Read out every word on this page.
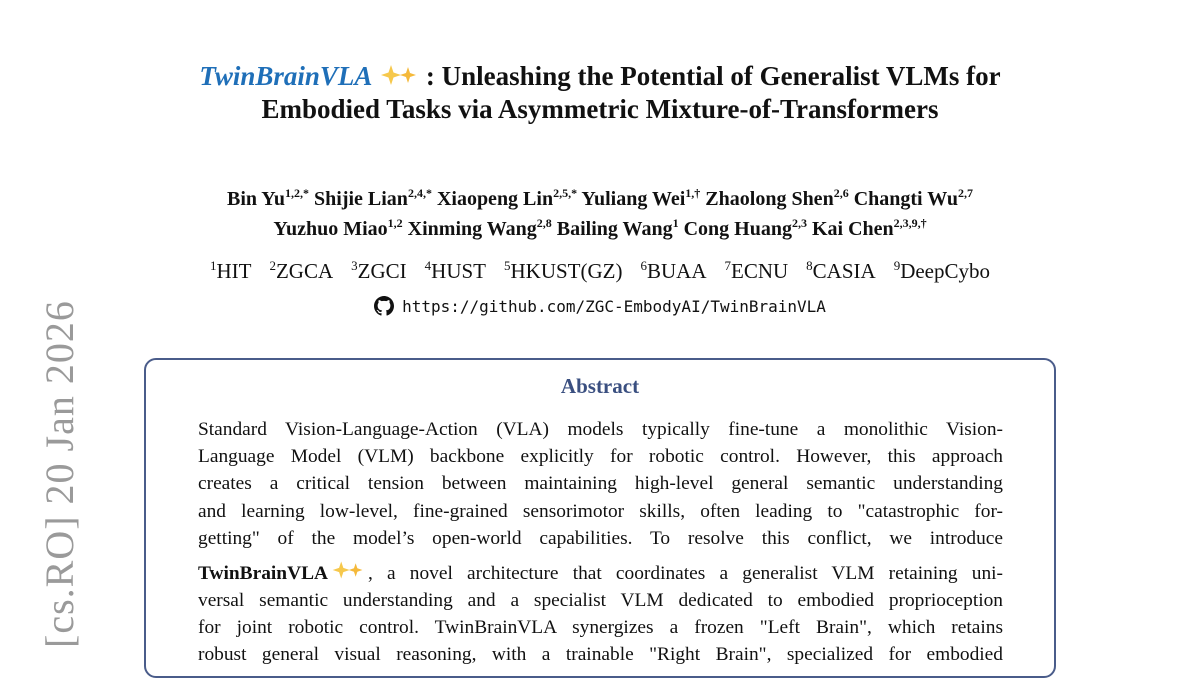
[cs.RO] 20 Jan 2026
TwinBrainVLA : Unleashing the Potential of Generalist VLMs for
Embodied Tasks via Asymmetric Mixture-of-Transformers
Bin $Yu^{1,2,*}$ Shijie Lian$^{2,4,*}$ Xiaopeng Lin$^{2,5,*}$ Yuliang Wei$^{1,\dagger}$ Zhaolong Shen$^{2,6}$ Changti Wu$^{2,7}$
Yuzhuo Miao$^{1,2}$ Xinming Wang$^{2,8}$ Bailing Wang$^1$ Cong Huang$^{2,3}$ Kai Chen$^{2,3,9,\dagger}$
$^1$HIT $^2$ZGCA $^3$ZGCI $^4$HUST $^5$HKUST(GZ) $^6$BUAA $^7$ECNU $^8$CASIA $^9$DeepCybo
https://github.com/ZGC-EmbodyAI/TwinBrainVLA
Abstract
Standard Vision-Language-Action (VLA) models typically fine-tune a monolithic Vision-
Language Model (VLM) backbone explicitly for robotic control. However, this approach
creates a critical tension between maintaining high-level general semantic understanding
and learning low-level, fine-grained sensorimotor skills, often leading to "catastrophic for-
getting" of the model’s open-world capabilities. To resolve this conflict, we introduce
TwinBrainVLA , a novel architecture that coordinates a generalist VLM retaining uni-
versal semantic understanding and a specialist VLM dedicated to embodied proprioception
for joint robotic control. TwinBrainVLA synergizes a frozen "Left Brain", which retains
robust general visual reasoning, with a trainable "Right Brain", specialized for embodied
